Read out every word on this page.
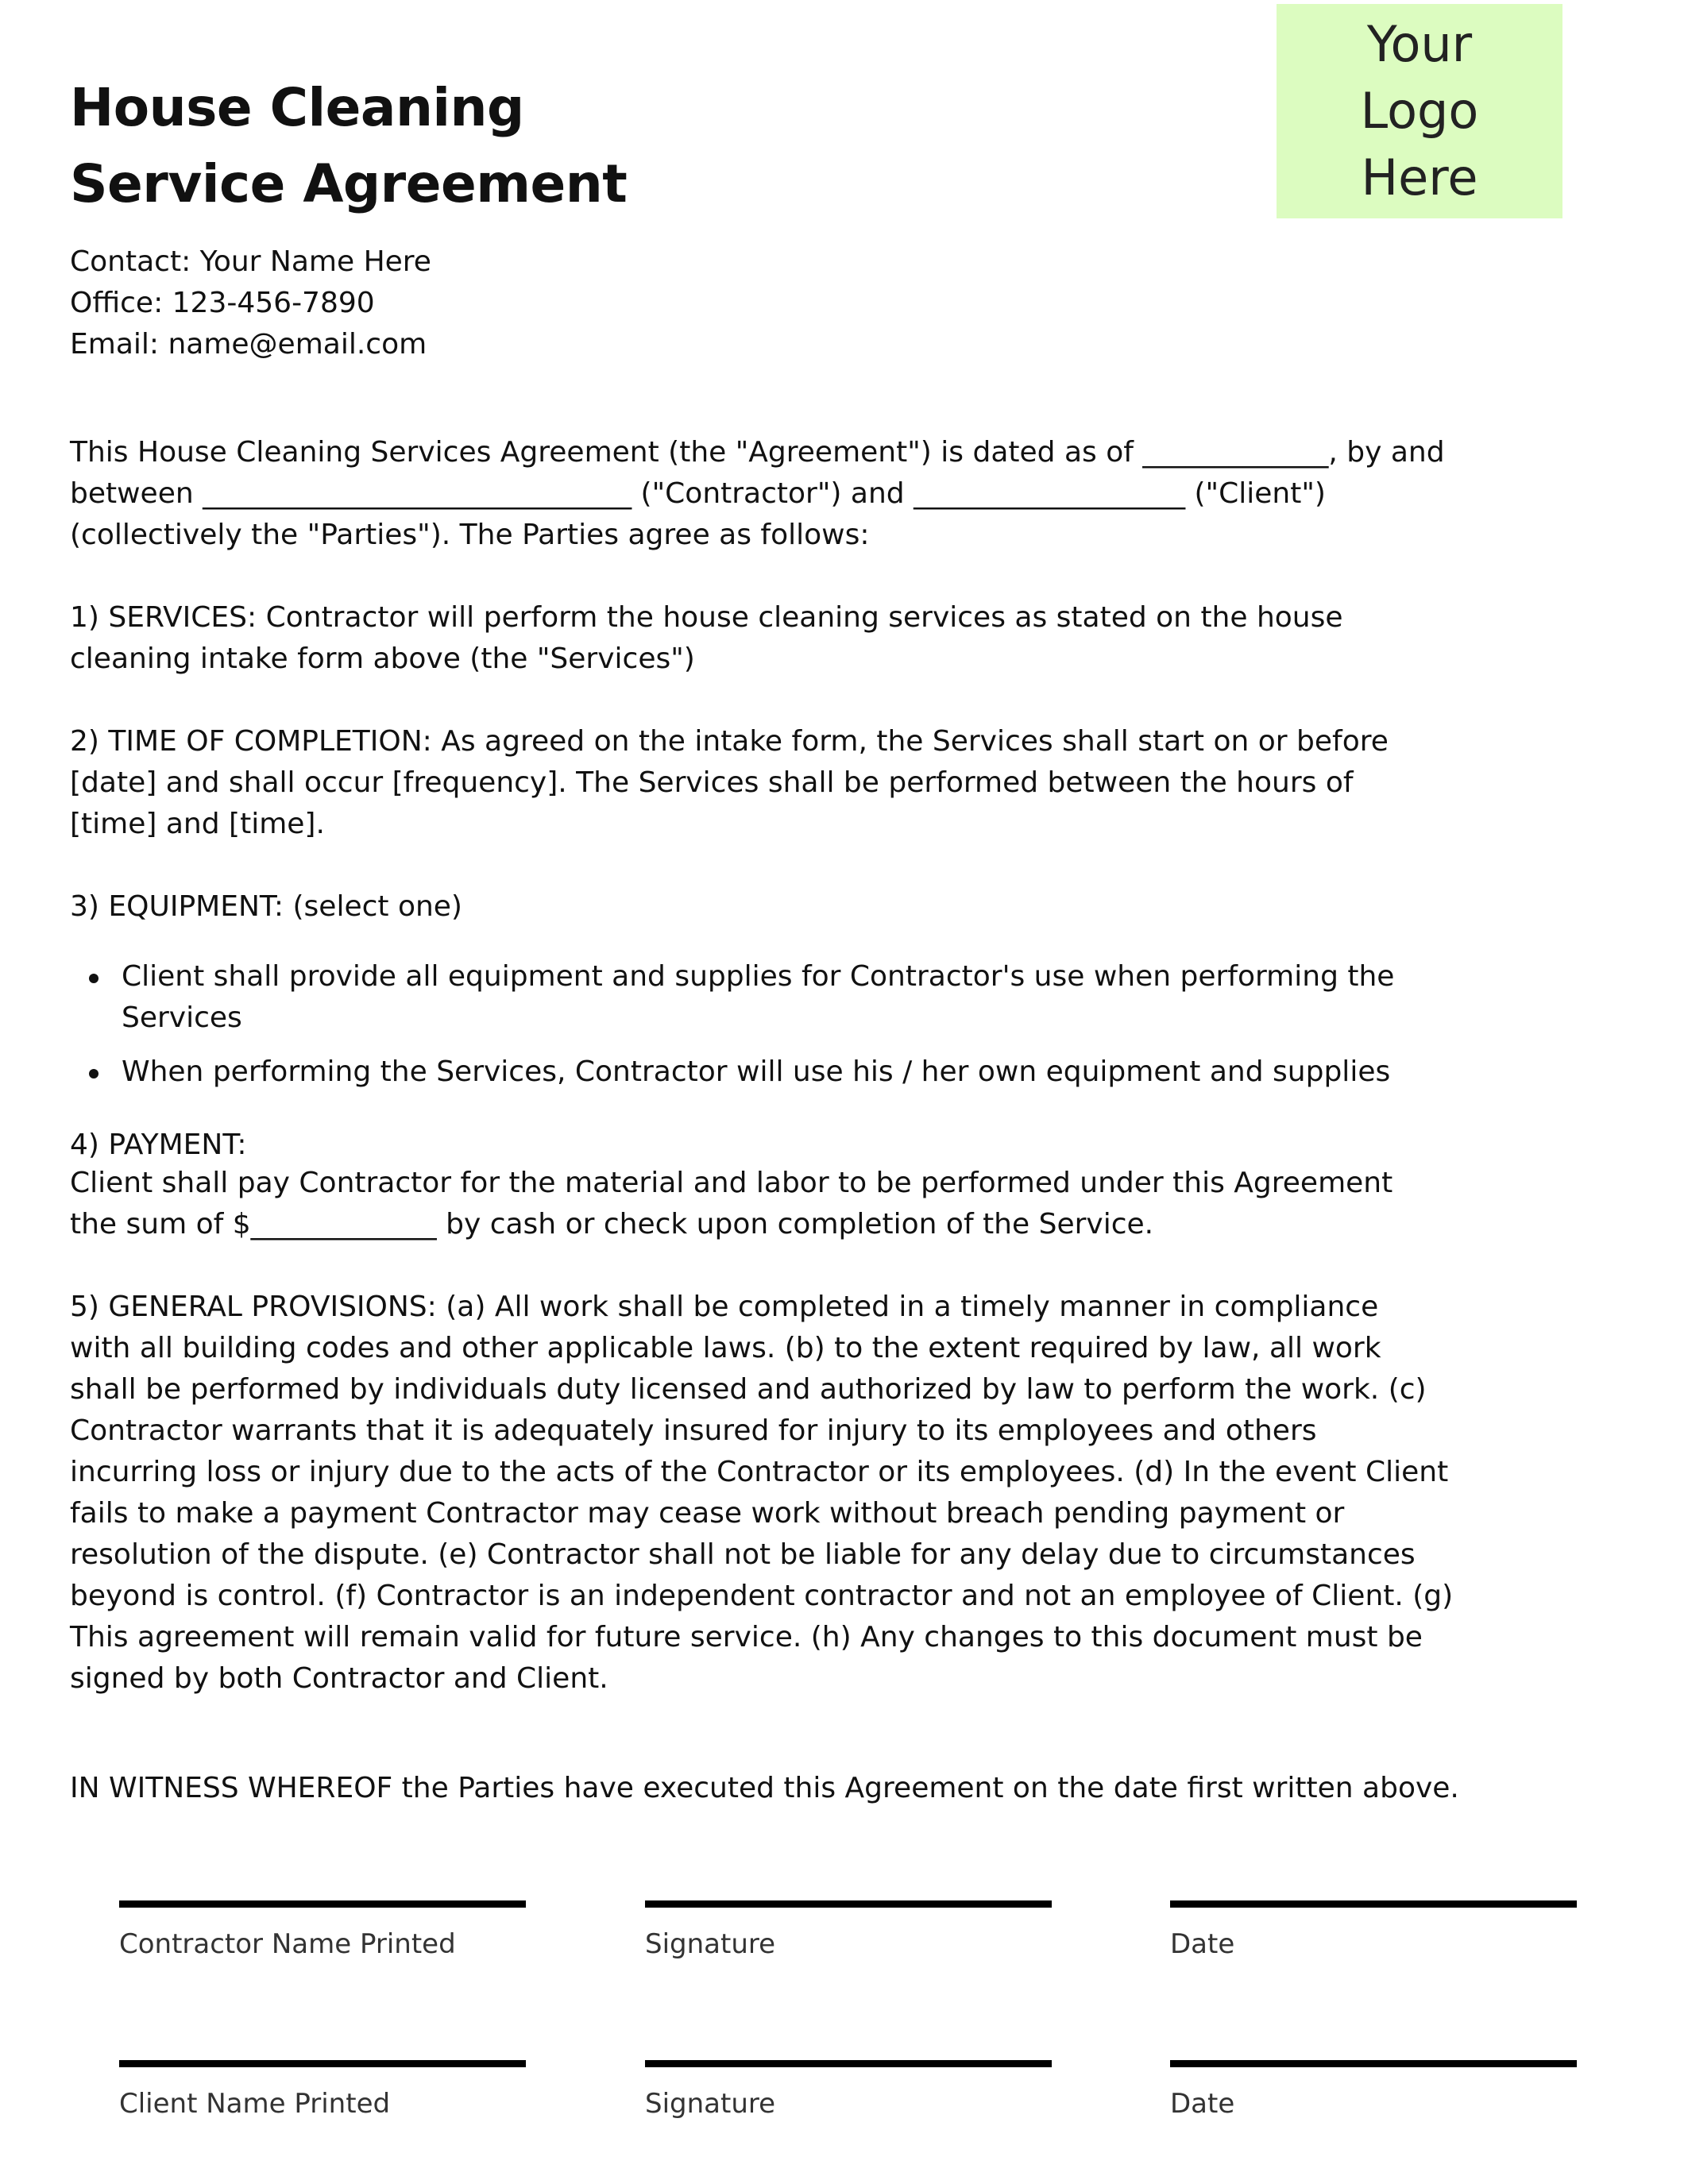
House Cleaning
Service Agreement
Your
Logo
Here
Contact: Your Name Here
Office: 123-456-7890
Email: name@email.com
This House Cleaning Services Agreement (the "Agreement") is dated as of _____________, by and
between ______________________________ ("Contractor") and ___________________ ("Client")
(collectively the "Parties"). The Parties agree as follows:
1) SERVICES: Contractor will perform the house cleaning services as stated on the house
cleaning intake form above (the "Services")
2) TIME OF COMPLETION: As agreed on the intake form, the Services shall start on or before
[date] and shall occur [frequency]. The Services shall be performed between the hours of
[time] and [time].
3) EQUIPMENT: (select one)
Client shall provide all equipment and supplies for Contractor's use when performing the
Services
When performing the Services, Contractor will use his / her own equipment and supplies
4) PAYMENT:
Client shall pay Contractor for the material and labor to be performed under this Agreement
the sum of $_____________ by cash or check upon completion of the Service.
5) GENERAL PROVISIONS: (a) All work shall be completed in a timely manner in compliance
with all building codes and other applicable laws. (b) to the extent required by law, all work
shall be performed by individuals duty licensed and authorized by law to perform the work. (c)
Contractor warrants that it is adequately insured for injury to its employees and others
incurring loss or injury due to the acts of the Contractor or its employees. (d) In the event Client
fails to make a payment Contractor may cease work without breach pending payment or
resolution of the dispute. (e) Contractor shall not be liable for any delay due to circumstances
beyond is control. (f) Contractor is an independent contractor and not an employee of Client. (g)
This agreement will remain valid for future service. (h) Any changes to this document must be
signed by both Contractor and Client.
IN WITNESS WHEREOF the Parties have executed this Agreement on the date first written above.
Contractor Name Printed	Signature	Date
Client Name Printed	Signature	Date
